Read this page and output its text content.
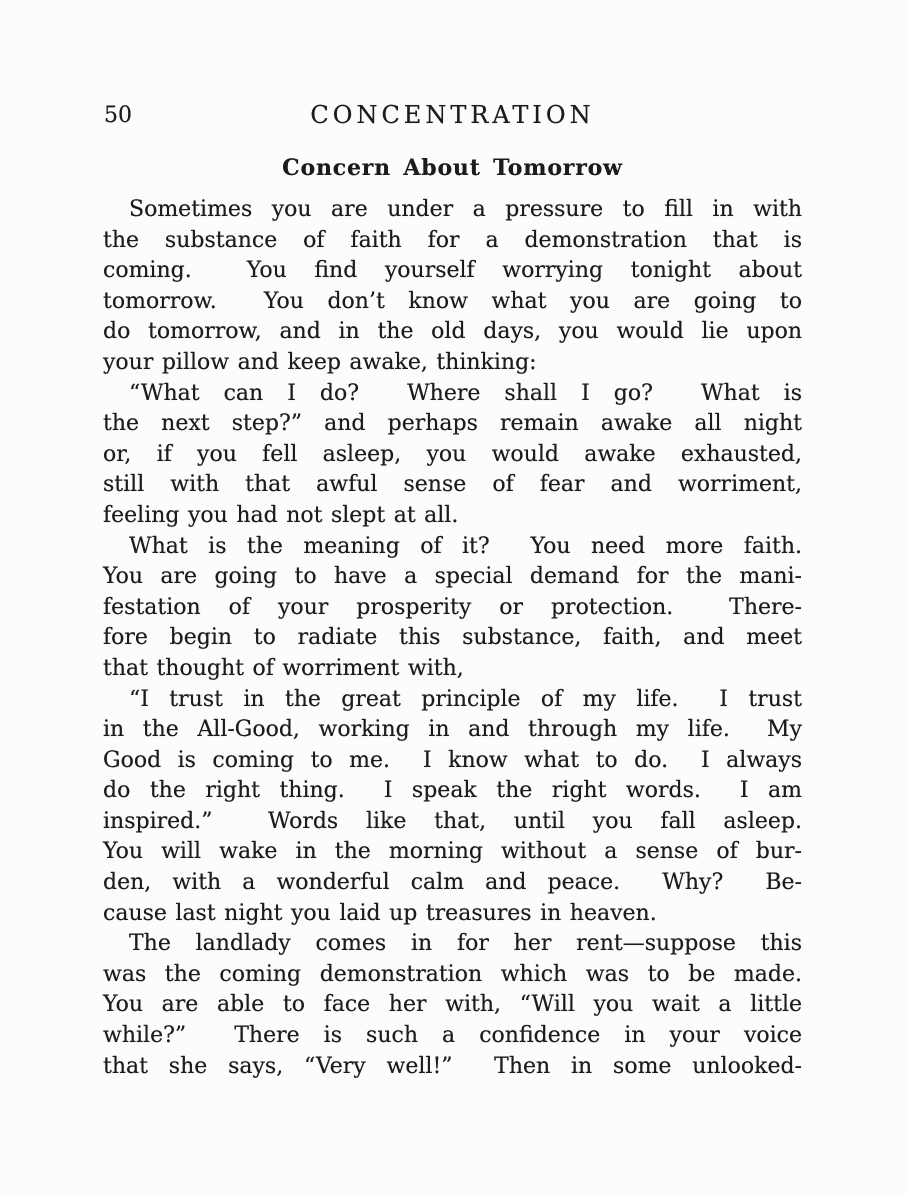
50	CONCENTRATION
Concern About Tomorrow
Sometimes you are under a pressure to fill in with
the substance of faith for a demonstration that is
coming.  You find yourself worrying tonight about
tomorrow.  You don’t know what you are going to
do tomorrow, and in the old days, you would lie upon
your pillow and keep awake, thinking:
“What can I do?  Where shall I go?  What is
the next step?” and perhaps remain awake all night
or, if you fell asleep, you would awake exhausted,
still with that awful sense of fear and worriment,
feeling you had not slept at all.
What is the meaning of it?  You need more faith.
You are going to have a special demand for the mani-
festation of your prosperity or protection.  There-
fore begin to radiate this substance, faith, and meet
that thought of worriment with,
“I trust in the great principle of my life.  I trust
in the All-Good, working in and through my life.  My
Good is coming to me.  I know what to do.  I always
do the right thing.  I speak the right words.  I am
inspired.”  Words like that, until you fall asleep.
You will wake in the morning without a sense of bur-
den, with a wonderful calm and peace.  Why?  Be-
cause last night you laid up treasures in heaven.
The landlady comes in for her rent—suppose this
was the coming demonstration which was to be made.
You are able to face her with, “Will you wait a little
while?”  There is such a confidence in your voice
that she says, “Very well!”  Then in some unlooked-
